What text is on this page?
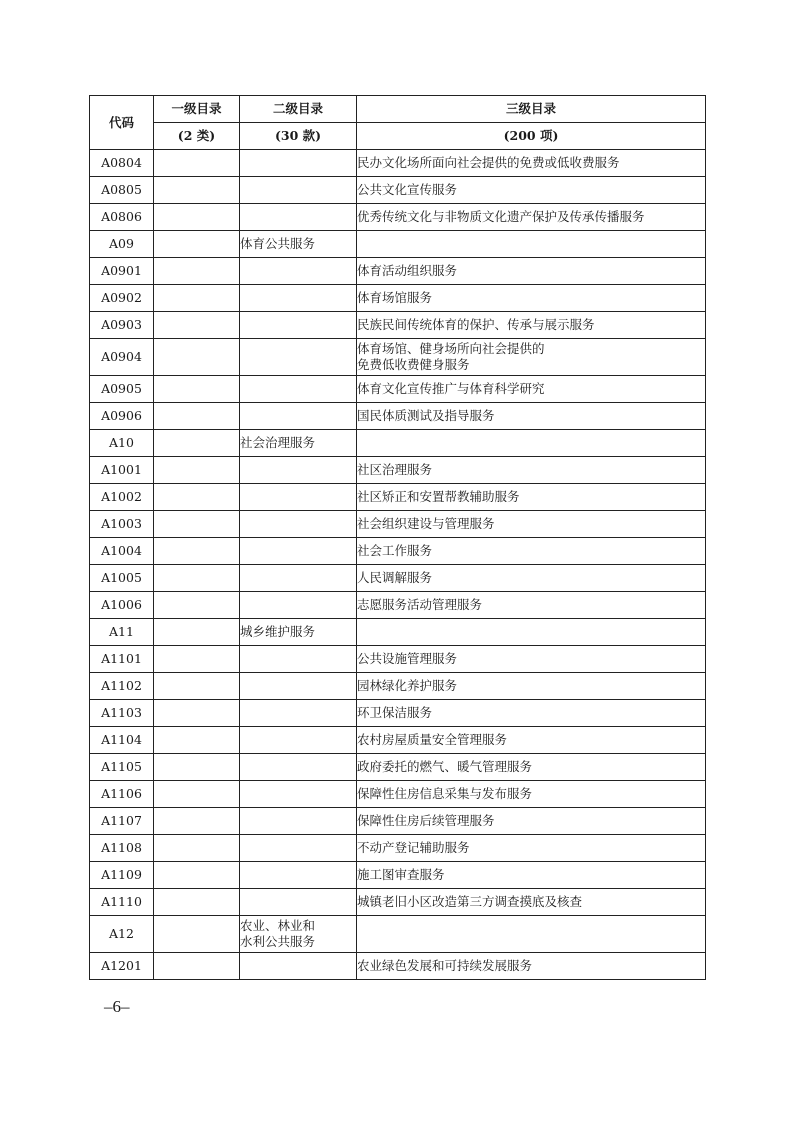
代码	一级目录	二级目录	三级目录
	(2 类)	(30 款)	(200 项)
A0804			民办文化场所面向社会提供的免费或低收费服务
A0805			公共文化宣传服务
A0806			优秀传统文化与非物质文化遗产保护及传承传播服务
A09		体育公共服务	
A0901			体育活动组织服务
A0902			体育场馆服务
A0903			民族民间传统体育的保护、传承与展示服务
A0904			体育场馆、健身场所向社会提供的
免费低收费健身服务
A0905			体育文化宣传推广与体育科学研究
A0906			国民体质测试及指导服务
A10		社会治理服务	
A1001			社区治理服务
A1002			社区矫正和安置帮教辅助服务
A1003			社会组织建设与管理服务
A1004			社会工作服务
A1005			人民调解服务
A1006			志愿服务活动管理服务
A11		城乡维护服务	
A1101			公共设施管理服务
A1102			园林绿化养护服务
A1103			环卫保洁服务
A1104			农村房屋质量安全管理服务
A1105			政府委托的燃气、暖气管理服务
A1106			保障性住房信息采集与发布服务
A1107			保障性住房后续管理服务
A1108			不动产登记辅助服务
A1109			施工图审查服务
A1110			城镇老旧小区改造第三方调查摸底及核查
A12		农业、林业和
水利公共服务	
A1201			农业绿色发展和可持续发展服务
–6–
